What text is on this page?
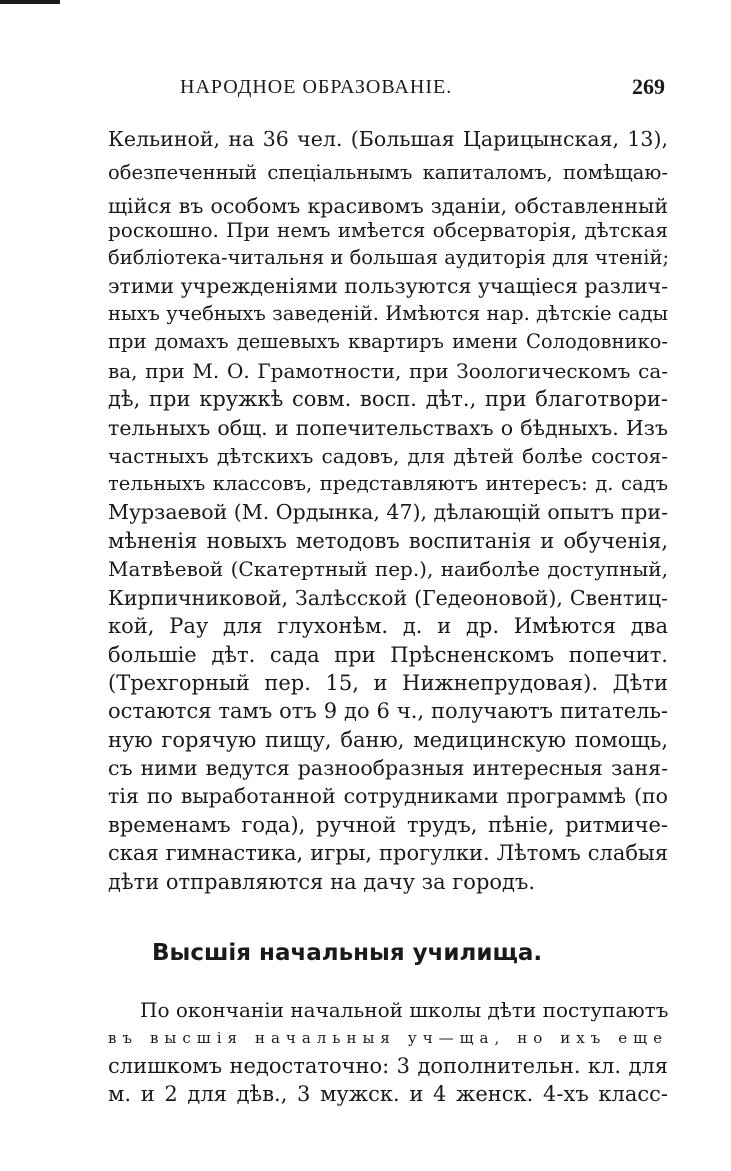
НАРОДНОЕ ОБРАЗОВАНІЕ.	269
Кельиной, на 36 чел. (Большая Царицынская, 13),
обезпеченный спеціальнымъ капиталомъ, помѣщаю-
щійся въ особомъ красивомъ зданіи, обставленный
роскошно. При немъ имѣется обсерваторія, дѣтская
библіотека-читальня и большая аудиторія для чтеній;
этими учрежденіями пользуются учащіеся различ-
ныхъ учебныхъ заведеній. Имѣются нар. дѣтскіе сады
при домахъ дешевыхъ квартиръ имени Солодовнико-
ва, при М. О. Грамотности, при Зоологическомъ са-
дѣ, при кружкѣ совм. восп. дѣт., при благотвори-
тельныхъ общ. и попечительствахъ о бѣдныхъ. Изъ
частныхъ дѣтскихъ садовъ, для дѣтей болѣе состоя-
тельныхъ классовъ, представляютъ интересъ: д. садъ
Мурзаевой (М. Ордынка, 47), дѣлающій опытъ при-
мѣненія новыхъ методовъ воспитанія и обученія,
Матвѣевой (Скатертный пер.), наиболѣе доступный,
Кирпичниковой, Залѣсской (Гедеоновой), Свентиц-
кой, Рау для глухонѣм. д. и др. Имѣются два
большіе дѣт. сада при Прѣсненскомъ попечит.
(Трехгорный пер. 15, и Нижнепрудовая). Дѣти
остаются тамъ отъ 9 до 6 ч., получаютъ питатель-
ную горячую пищу, баню, медицинскую помощь,
съ ними ведутся разнообразныя интересныя заня-
тія по выработанной сотрудниками программѣ (по
временамъ года), ручной трудъ, пѣніе, ритмиче-
ская гимнастика, игры, прогулки. Лѣтомъ слабыя
дѣти отправляются на дачу за городъ.
Высшія начальныя училища.
По окончаніи начальной школы дѣти поступаютъ
въ высшія начальныя уч—ща, но ихъ еще
слишкомъ недостаточно: 3 дополнительн. кл. для
м. и 2 для дѣв., 3 мужск. и 4 женск. 4-хъ класс-
